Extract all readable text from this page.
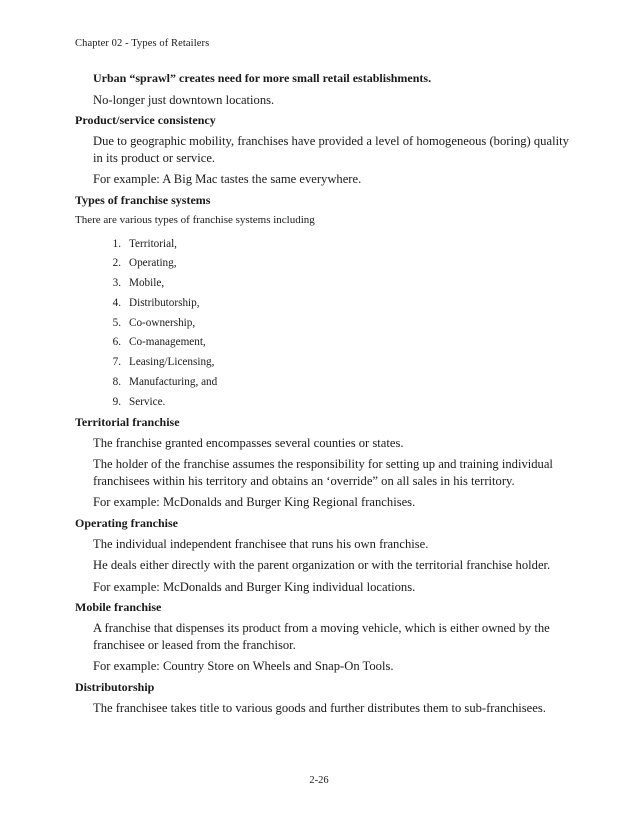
Chapter 02 - Types of Retailers
Urban “sprawl” creates need for more small retail establishments.
No-longer just downtown locations.
Product/service consistency
Due to geographic mobility, franchises have provided a level of homogeneous (boring) quality in its product or service.
For example: A Big Mac tastes the same everywhere.
Types of franchise systems
There are various types of franchise systems including
1. Territorial,
2. Operating,
3. Mobile,
4. Distributorship,
5. Co-ownership,
6. Co-management,
7. Leasing/Licensing,
8. Manufacturing, and
9. Service.
Territorial franchise
The franchise granted encompasses several counties or states.
The holder of the franchise assumes the responsibility for setting up and training individual franchisees within his territory and obtains an ‘override” on all sales in his territory.
For example: McDonalds and Burger King Regional franchises.
Operating franchise
The individual independent franchisee that runs his own franchise.
He deals either directly with the parent organization or with the territorial franchise holder.
For example: McDonalds and Burger King individual locations.
Mobile franchise
A franchise that dispenses its product from a moving vehicle, which is either owned by the franchisee or leased from the franchisor.
For example: Country Store on Wheels and Snap-On Tools.
Distributorship
The franchisee takes title to various goods and further distributes them to sub-franchisees.
2-26
